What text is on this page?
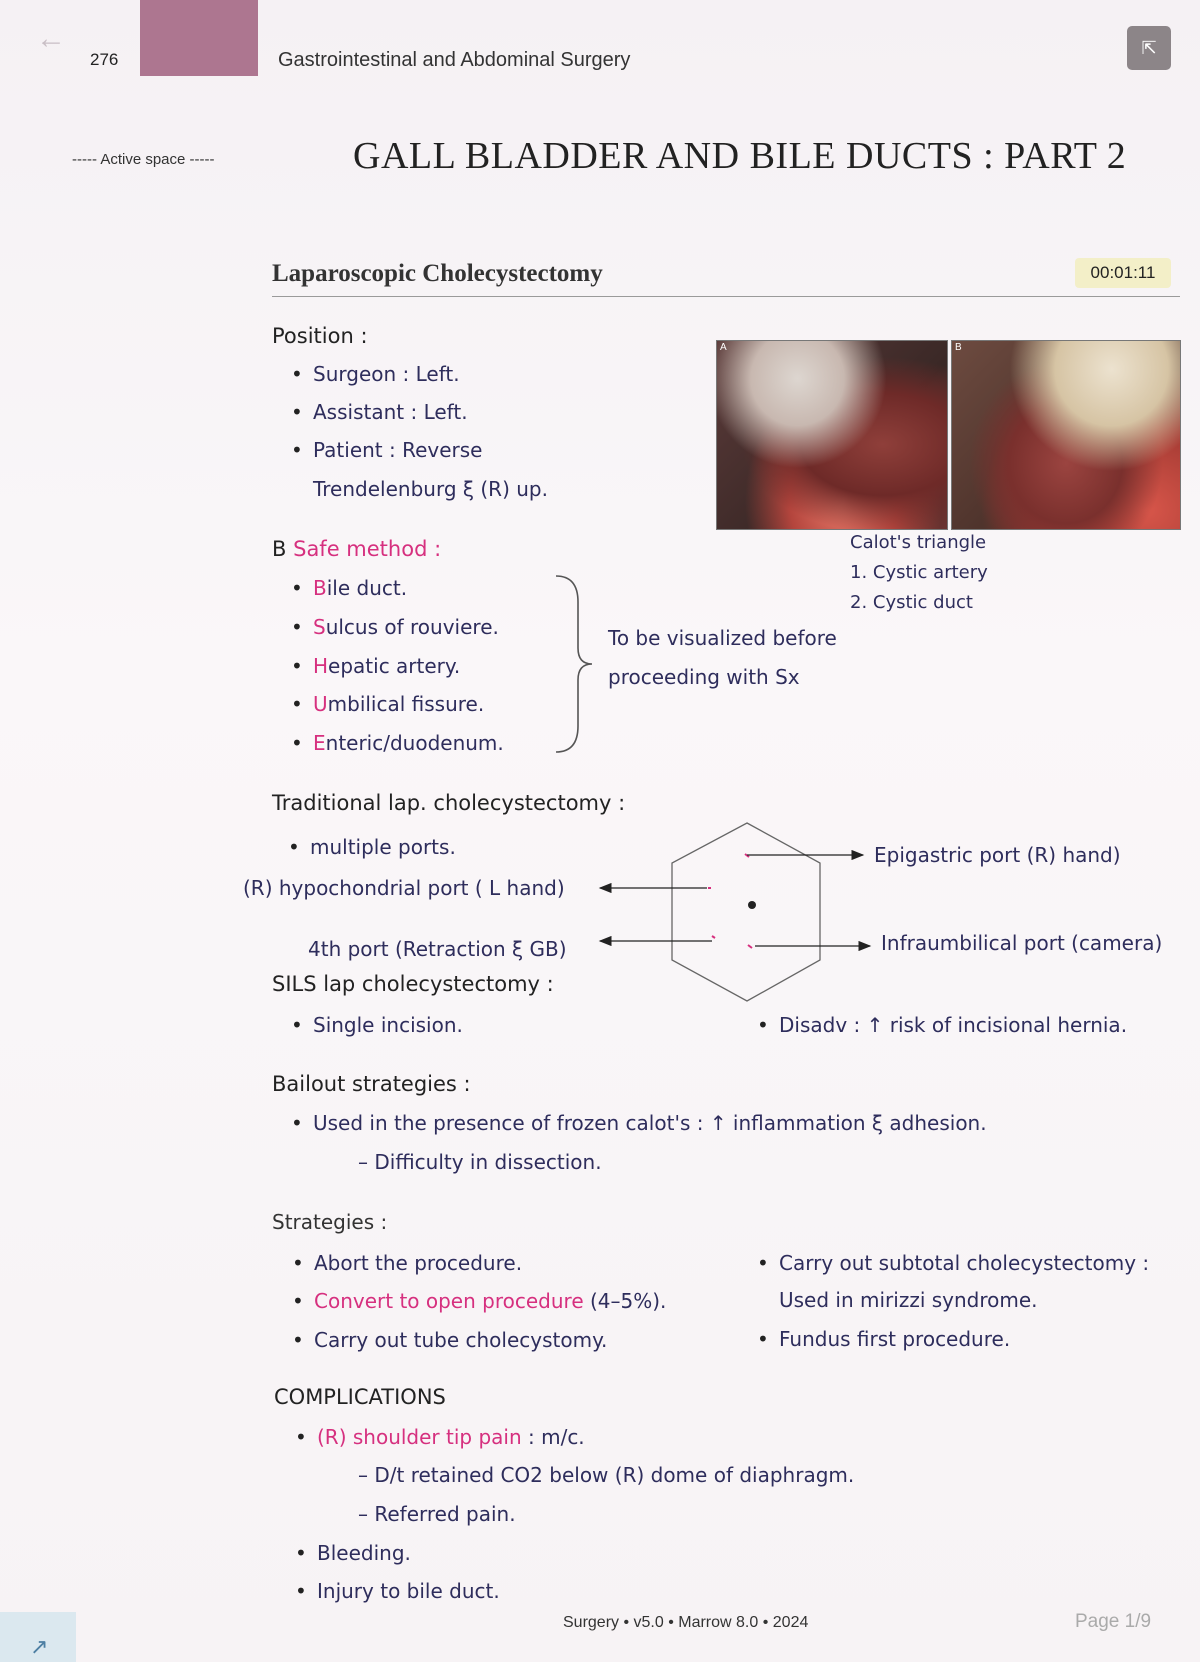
←
276	Gastrointestinal and Abdominal Surgery
⇱
----- Active space -----	GALL BLADDER AND BILE DUCTS : PART 2
Laparoscopic Cholecystectomy	00:01:11
Position :
• Surgeon : Left.
• Assistant : Left.
• Patient : Reverse
Trendelenburg ξ (R) up.
A	B
Calot's triangle
1. Cystic artery
2. Cystic duct
B Safe method :
• Bile duct.
• Sulcus of rouviere.
• Hepatic artery.
• Umbilical fissure.
• Enteric/duodenum.
To be visualized before
proceeding with Sx
Traditional lap. cholecystectomy :
• multiple ports.
(R) hypochondrial port ( L hand)
4th port (Retraction ξ GB)
Epigastric port (R) hand)
Infraumbilical port (camera)
SILS lap cholecystectomy :
• Single incision.
•	Disadv : ↑ risk of incisional hernia.
Bailout strategies :
• Used in the presence of frozen calot's : ↑ inflammation ξ adhesion.
– Difficulty in dissection.
Strategies :
• Abort the procedure.
• Convert to open procedure (4–5%).
• Carry out tube cholecystomy.
• Carry out subtotal cholecystectomy :
Used in mirizzi syndrome.
• Fundus first procedure.
COMPLICATIONS
• (R) shoulder tip pain : m/c.
– D/t retained CO2 below (R) dome of diaphragm.
– Referred pain.
• Bleeding.
• Injury to bile duct.
Surgery • v5.0 • Marrow 8.0 • 2024	Page 1/9
↗
